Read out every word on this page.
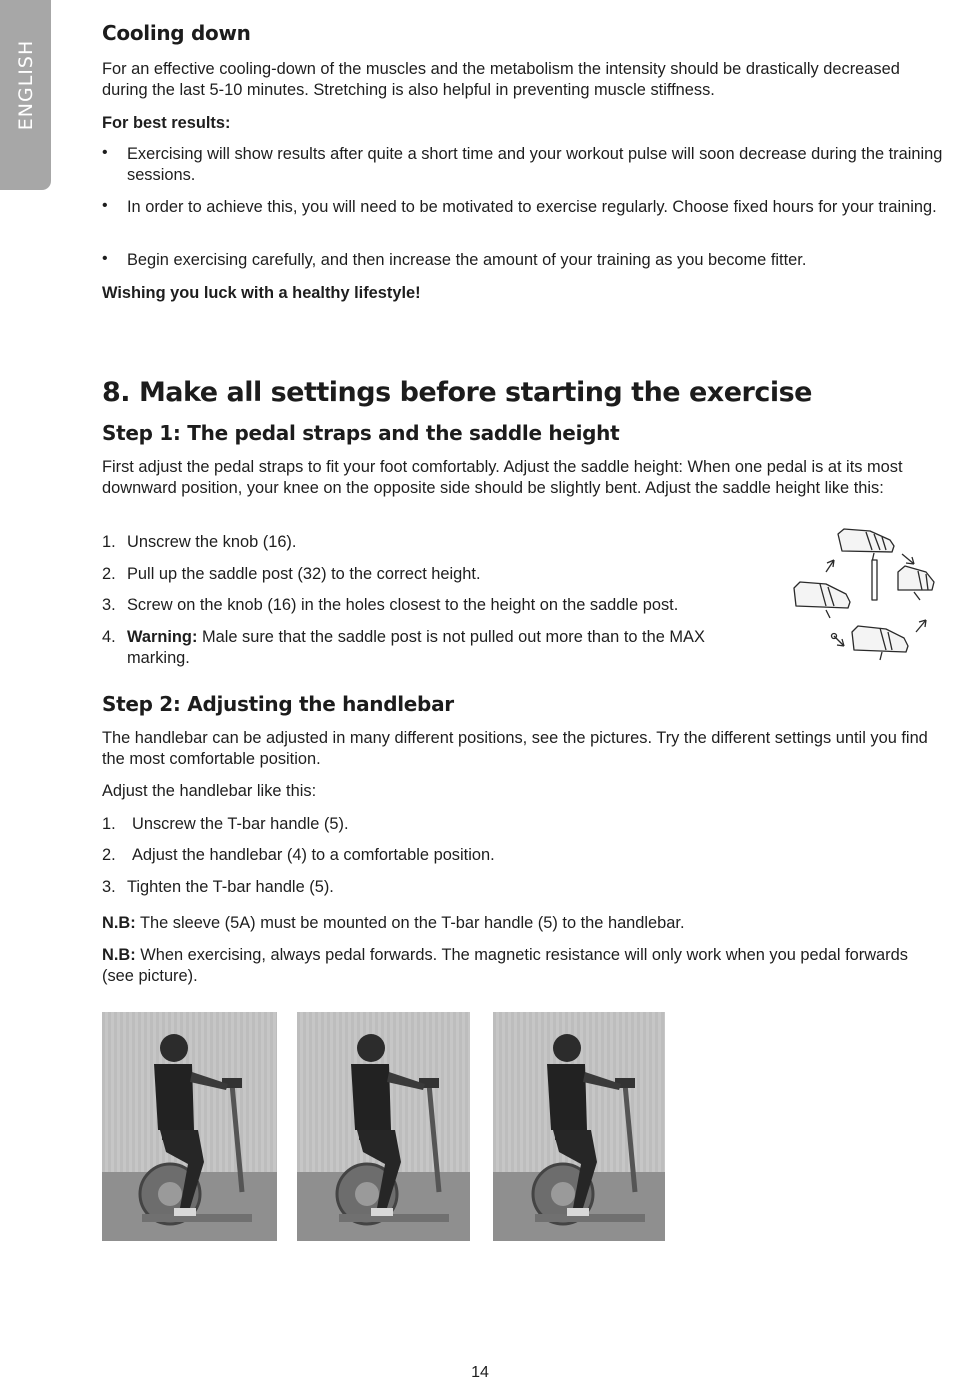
ENGLISH
Cooling down

For an effective cooling-down of the muscles and the metabolism the intensity should be drastically decreased during the last 5-10 minutes. Stretching is also helpful in preventing muscle stiffness.

For best results:

• Exercising will show results after quite a short time and your workout pulse will soon decrease during the training sessions.

• In order to achieve this, you will need to be motivated to exercise regularly. Choose fixed hours for your training.

• Begin exercising carefully, and then increase the amount of your training as you become fitter.

Wishing you luck with a healthy lifestyle!

8. Make all settings before starting the exercise
Step 1: The pedal straps and the saddle height

First adjust the pedal straps to fit your foot comfortably. Adjust the saddle height: When one pedal is at its most downward position, your knee on the opposite side should be slightly bent. Adjust the saddle height like this:

1. Unscrew the knob (16).

2. Pull up the saddle post (32) to the correct height.

3. Screw on the knob (16) in the holes closest to the height on the saddle post.

4. Warning: Male sure that the saddle post is not pulled out more than to the MAX marking.
Step 2: Adjusting the handlebar

The handlebar can be adjusted in many different positions, see the pictures. Try the different settings until you find the most comfortable position.

Adjust the handlebar like this:

1. Unscrew the T-bar handle (5).

2. Adjust the handlebar (4) to a comfortable position.

3. Tighten the T-bar handle (5).

N.B: The sleeve (5A) must be mounted on the T-bar handle (5) to the handlebar.

N.B: When exercising, always pedal forwards. The magnetic resistance will only work when you pedal forwards (see picture).

14
